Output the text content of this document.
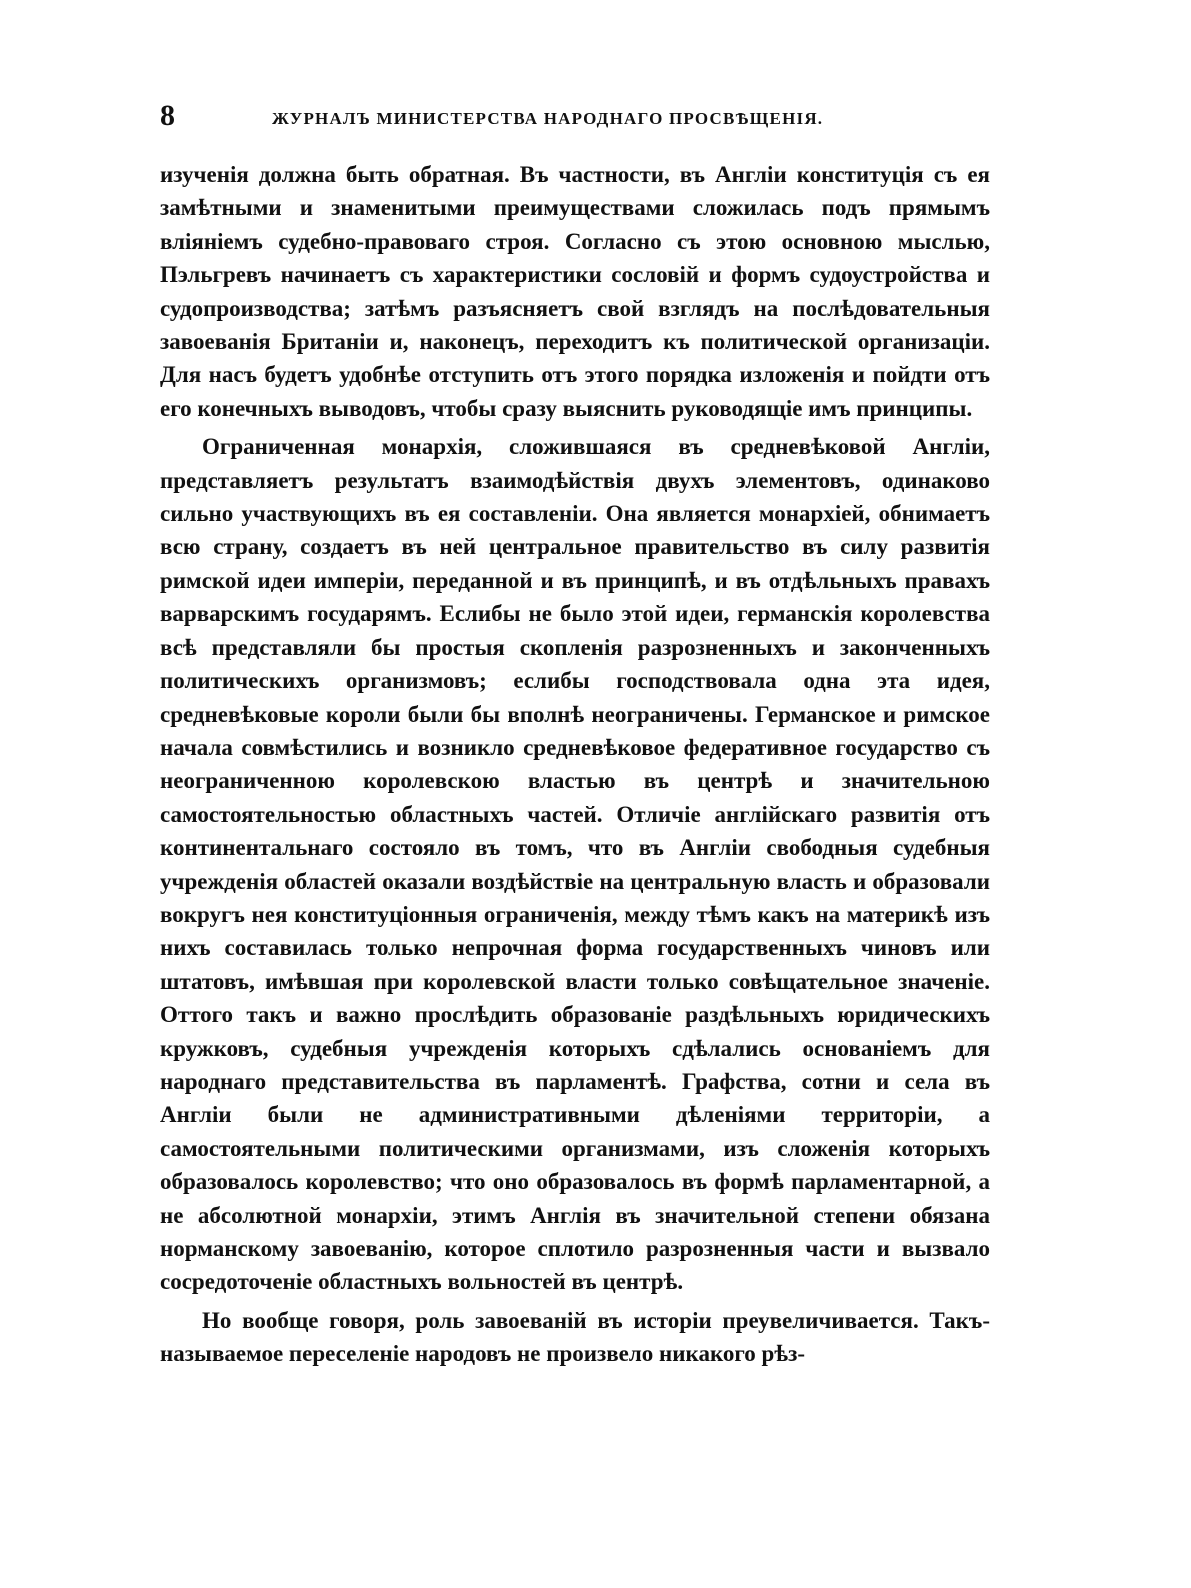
8	ЖУРНАЛЪ МИНИСТЕРСТВА НАРОДНАГО ПРОСВѢЩЕНІЯ.

изученія должна быть обратная. Въ частности, въ Англіи конституція съ ея замѣтными и знаменитыми преимуществами сложилась подъ прямымъ вліяніемъ судебно-правоваго строя. Согласно съ этою основною мыслью, Пэльгревъ начинаетъ съ характеристики сословій и формъ судоустройства и судопроизводства; затѣмъ разъясняетъ свой взглядъ на послѣдовательныя завоеванія Британіи и, наконецъ, переходитъ къ политической организаціи. Для насъ будетъ удобнѣе отступить отъ этого порядка изложенія и пойдти отъ его конечныхъ выводовъ, чтобы сразу выяснить руководящіе имъ принципы.

Ограниченная монархія, сложившаяся въ средневѣковой Англіи, представляетъ результатъ взаимодѣйствія двухъ элементовъ, одинаково сильно участвующихъ въ ея составленіи. Она является монархіей, обнимаетъ всю страну, создаетъ въ ней центральное правительство въ силу развитія римской идеи имперіи, переданной и въ принципѣ, и въ отдѣльныхъ правахъ варварскимъ государямъ. Еслибы не было этой идеи, германскія королевства всѣ представляли бы простыя скопленія разрозненныхъ и законченныхъ политическихъ организмовъ; еслибы господствовала одна эта идея, средневѣковые короли были бы вполнѣ неограничены. Германское и римское начала совмѣстились и возникло средневѣковое федеративное государство съ неограниченною королевскою властью въ центрѣ и значительною самостоятельностью областныхъ частей. Отличіе англійскаго развитія отъ континентальнаго состояло въ томъ, что въ Англіи свободныя судебныя учрежденія областей оказали воздѣйствіе на центральную власть и образовали вокругъ нея конституціонныя ограниченія, между тѣмъ какъ на материкѣ изъ нихъ составилась только непрочная форма государственныхъ чиновъ или штатовъ, имѣвшая при королевской власти только совѣщательное значеніе. Оттого такъ и важно прослѣдить образованіе раздѣльныхъ юридическихъ кружковъ, судебныя учрежденія которыхъ сдѣлались основаніемъ для народнаго представительства въ парламентѣ. Графства, сотни и села въ Англіи были не административными дѣленіями территоріи, а самостоятельными политическими организмами, изъ сложенія которыхъ образовалось королевство; что оно образовалось въ формѣ парламентарной, а не абсолютной монархіи, этимъ Англія въ значительной степени обязана норманскому завоеванію, которое сплотило разрозненныя части и вызвало сосредоточеніе областныхъ вольностей въ центрѣ.

Но вообще говоря, роль завоеваній въ исторіи преувеличивается. Такъ-называемое переселеніе народовъ не произвело никакого рѣз-
